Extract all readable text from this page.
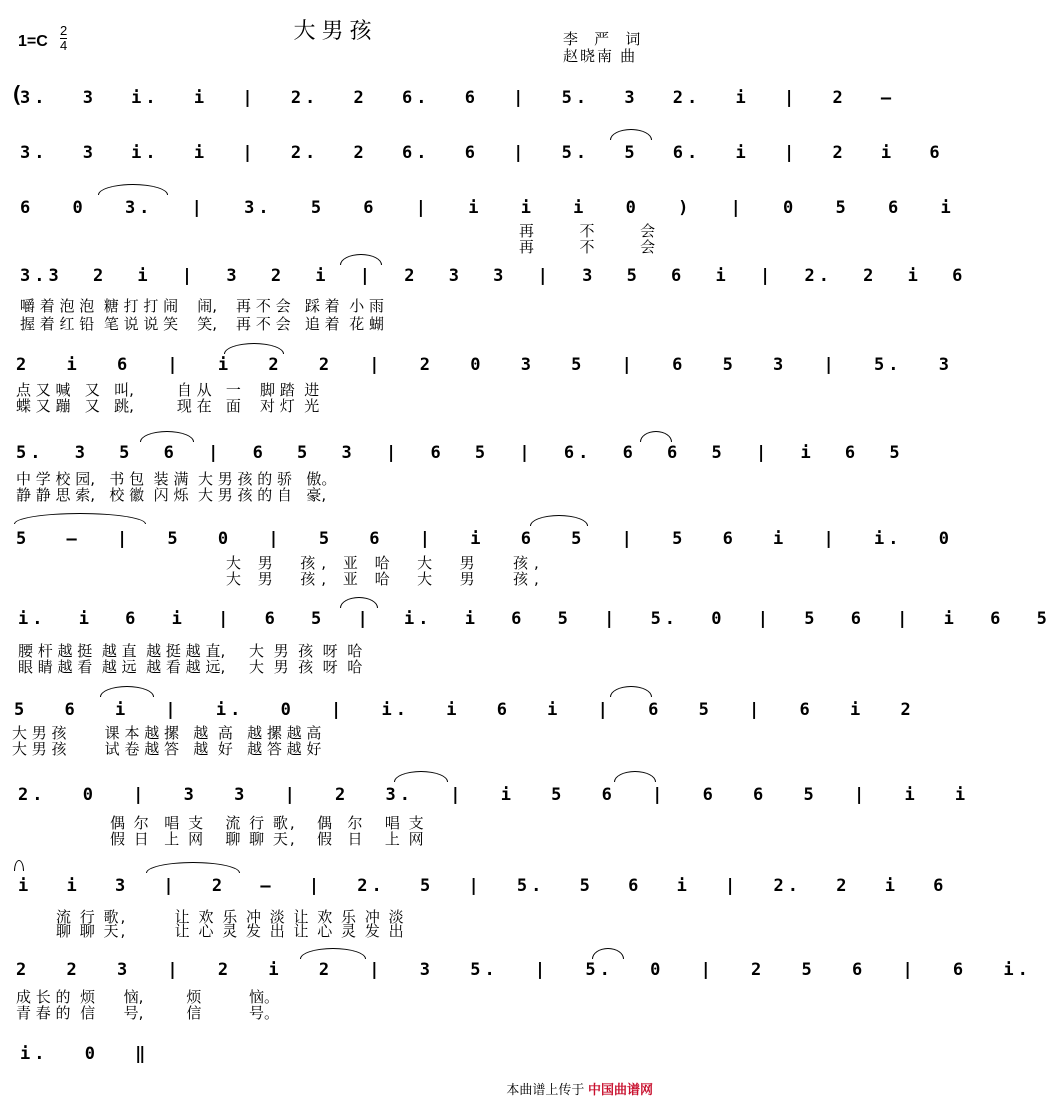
大男孩
$1=C \frac{2}{4}$	李 严 词
赵晓南 曲
(
3. 3 i. i | 2. 2 6. 6 | 5. 3 2. i | 2 –
3. 3 i. i | 2. 2 6. 6 | 5. 5 6. i | 2 i 6
6 0 3. | 3. 5 6 | i i i 0 ) | 0 5 6 i

再  不  会

再  不  会

3.3 2 i | 3 2 i | 2 3 3 | 3 5 6 i | 2. 2 i 6
嚼 着 泡 泡  糖 打 打 闹    闹,    再 不 会   踩 着  小 雨
握 着 红 铅  笔 说 说 笑    笑,    再 不 会   追 着  花 蝴
2 i 6 | i 2 2 | 2 0 3 5 | 6 5 3 | 5. 3
点 又 喊   又   叫,         自 从   一    脚 踏  进
蝶 又 蹦   又   跳,         现 在   面    对 灯  光
5. 3 5 6 | 6 5 3 | 6 5 | 6. 6 6 5 | i 6 5
中 学 校 园,   书 包  装 满  大 男 孩 的 骄   傲。
静 静 思 索,   校 徽  闪 烁  大 男 孩 的 自   豪,
5 – | 5 0 | 5 6 | i 6 5 | 5 6 i | i. 0
大 男  孩, 亚 哈  大  男   孩,
大 男  孩, 亚 哈  大  男   孩,
i. i 6 i | 6 5 | i. i 6 5 | 5. 0 | 5 6 | i 6 5
腰 杆 越 挺  越 直  越 挺 越 直,     大  男  孩  呀  哈
眼 睛 越 看  越 远  越 看 越 远,     大  男  孩  呀  哈
5 6 i | i. 0 | i. i 6 i | 6 5 | 6 i 2
大 男 孩        课 本 越 摞   越  高   越 摞 越 高
大 男 孩        试 卷 越 答   越  好   越 答 越 好
2. 0 | 3 3 | 2 3. | i 5 6 | 6 6 5 | i i
偶 尔  唱 支   流 行 歌,   偶  尔   唱 支
假 日  上 网   聊 聊 天,   假  日   上 网
i i 3 | 2 – | 2. 5 | 5. 5 6 i | 2. 2 i 6
流 行 歌,       让 欢 乐 冲 淡 让 欢 乐 冲 淡
聊 聊 天,       让 心 灵 发 出 让 心 灵 发 出
2 2 3 | 2 i 2 | 3 5. | 5. 0 | 2 5 6 | 6 i.
成 长 的  烦      恼,         烦          恼。
青 春 的  信      号,         信          号。
i. 0 ‖
本曲谱上传于 中国曲谱网
